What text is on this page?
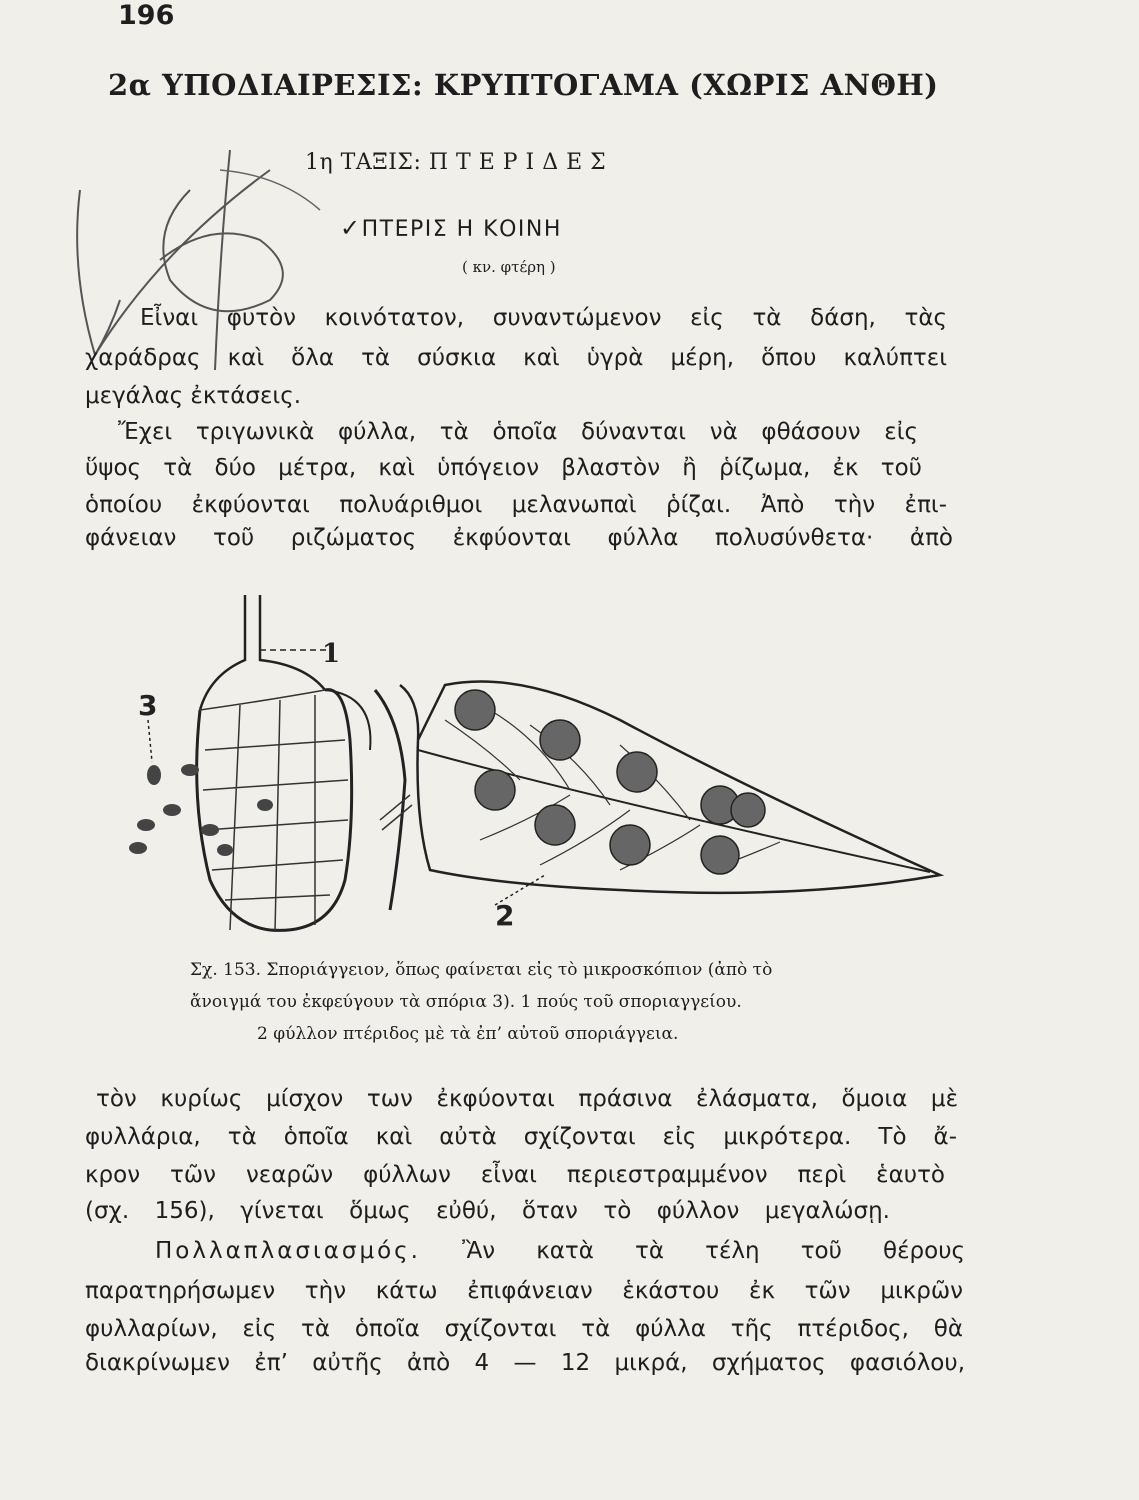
196
2α ΥΠΟΔΙΑΙΡΕΣΙΣ: ΚΡΥΠΤΟΓΑΜΑ (ΧΩΡΙΣ ΑΝΘΗ)
1η ΤΑΞΙΣ: Π Τ Ε Ρ Ι Δ Ε Σ
✓ΠΤΕΡΙΣ Η ΚΟΙΝΗ
( κν. φτέρη )
Εἶναι φυτὸν κοινότατον, συναντώμενον εἰς τὰ δάση, τὰς
χαράδρας καὶ ὅλα τὰ σύσκια καὶ ὑγρὰ μέρη, ὅπου καλύπτει
μεγάλας ἐκτάσεις.
Ἔχει τριγωνικὰ φύλλα, τὰ ὁποῖα δύνανται νὰ φθάσουν εἰς
ὕψος τὰ δύο μέτρα, καὶ ὑπόγειον βλαστὸν ἢ ῥίζωμα, ἐκ τοῦ
ὁποίου ἐκφύονται πολυάριθμοι μελανωπαὶ ῥίζαι. Ἀπὸ τὴν ἐπι-
φάνειαν τοῦ ριζώματος ἐκφύονται φύλλα πολυσύνθετα· ἀπὸ
1
3
2
Σχ. 153. Σποριάγγειον, ὅπως φαίνεται εἰς τὸ μικροσκόπιον (ἀπὸ τὸ
ἄνοιγμά του ἐκφεύγουν τὰ σπόρια 3). 1 πούς τοῦ σποριαγγείου.
2 φύλλον πτέριδος μὲ τὰ ἐπ’ αὐτοῦ σποριάγγεια.
τὸν κυρίως μίσχον των ἐκφύονται πράσινα ἐλάσματα, ὅμοια μὲ
φυλλάρια, τὰ ὁποῖα καὶ αὐτὰ σχίζονται εἰς μικρότερα. Τὸ ἄ-
κρον τῶν νεαρῶν φύλλων εἶναι περιεστραμμένον περὶ ἑαυτὸ
(σχ. 156), γίνεται ὅμως εὐθύ, ὅταν τὸ φύλλον μεγαλώσῃ.
Πολλαπλασιασμός. Ἂν κατὰ τὰ τέλη τοῦ θέρους
παρατηρήσωμεν τὴν κάτω ἐπιφάνειαν ἑκάστου ἐκ τῶν μικρῶν
φυλλαρίων, εἰς τὰ ὁποῖα σχίζονται τὰ φύλλα τῆς πτέριδος, θὰ
διακρίνωμεν ἐπ’ αὐτῆς ἀπὸ 4 — 12 μικρά, σχήματος φασιόλου,
